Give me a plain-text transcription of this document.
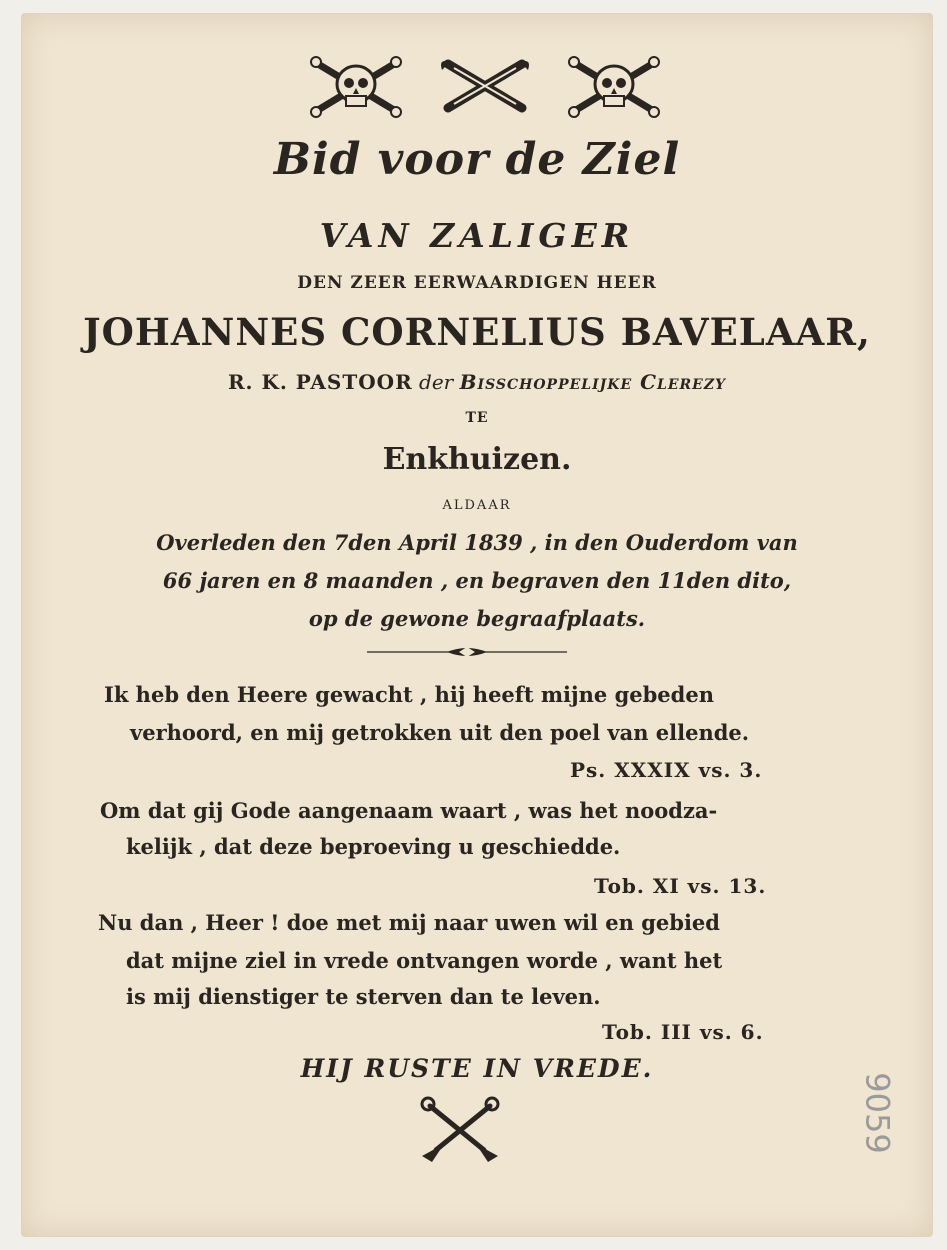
Bid voor de Ziel
VAN ZALIGER
DEN ZEER EERWAARDIGEN HEER
JOHANNES CORNELIUS BAVELAAR,
R. K. PASTOOR der Bisschoppelijke Clerezy
TE
Enkhuizen.
ALDAAR
Overleden den 7den April 1839 , in den Ouderdom van
66 jaren en 8 maanden , en begraven den 11den dito,
op de gewone begraafplaats.
Ik heb den Heere gewacht , hij heeft mijne gebeden
verhoord, en mij getrokken uit den poel van ellende.
Ps. XXXIX vs. 3.
Om dat gij Gode aangenaam waart , was het noodza-
kelijk , dat deze beproeving u geschiedde.
Tob. XI vs. 13.
Nu dan , Heer ! doe met mij naar uwen wil en gebied
dat mijne ziel in vrede ontvangen worde , want het
is mij dienstiger te sterven dan te leven.
Tob. III vs. 6.
HIJ RUSTE IN VREDE.
9059
